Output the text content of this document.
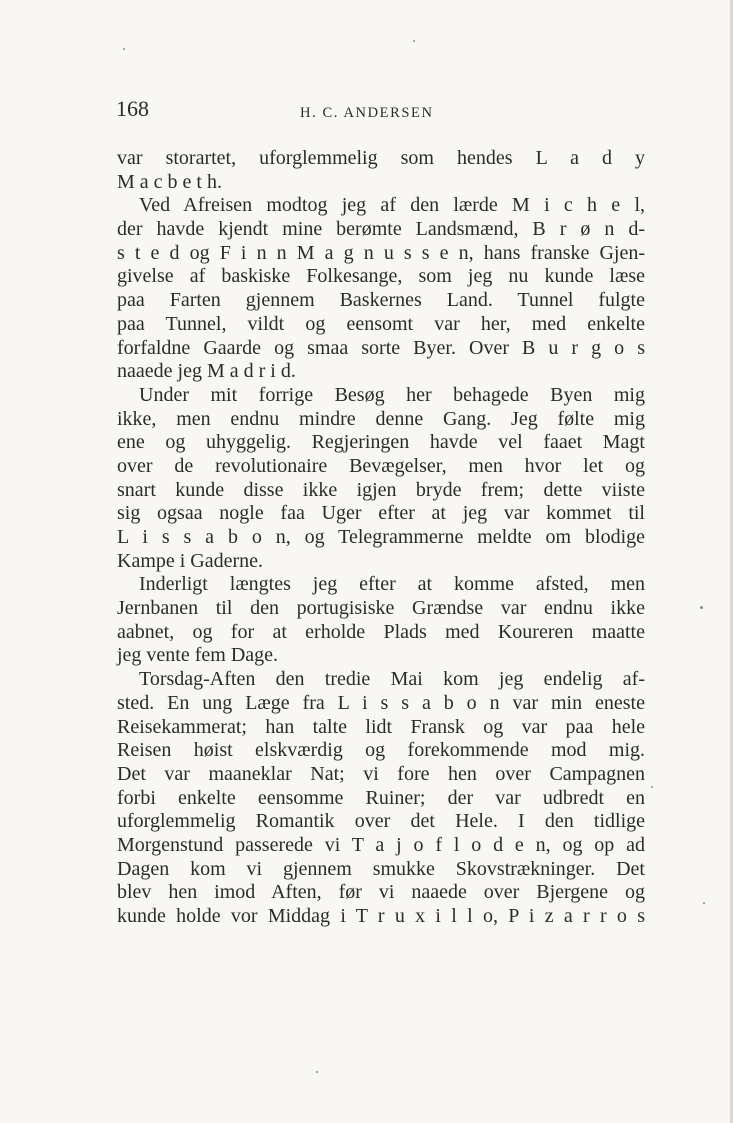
168	H. C. ANDERSEN
var storartet, uforglemmelig som hendes L a d y
M a c b e t h.
Ved Afreisen modtog jeg af den lærde M i c h e l,
der havde kjendt mine berømte Landsmænd, B r ø n d-
s t e d og F i n n M a g n u s s e n, hans franske Gjen-
givelse af baskiske Folkesange, som jeg nu kunde læse
paa Farten gjennem Baskernes Land. Tunnel fulgte
paa Tunnel, vildt og eensomt var her, med enkelte
forfaldne Gaarde og smaa sorte Byer. Over B u r g o s
naaede jeg M a d r i d.
Under mit forrige Besøg her behagede Byen mig
ikke, men endnu mindre denne Gang. Jeg følte mig
ene og uhyggelig. Regjeringen havde vel faaet Magt
over de revolutionaire Bevægelser, men hvor let og
snart kunde disse ikke igjen bryde frem; dette viiste
sig ogsaa nogle faa Uger efter at jeg var kommet til
L i s s a b o n, og Telegrammerne meldte om blodige
Kampe i Gaderne.
Inderligt længtes jeg efter at komme afsted, men
Jernbanen til den portugisiske Grændse var endnu ikke
aabnet, og for at erholde Plads med Koureren maatte
jeg vente fem Dage.
Torsdag-Aften den tredie Mai kom jeg endelig af-
sted. En ung Læge fra L i s s a b o n var min eneste
Reisekammerat; han talte lidt Fransk og var paa hele
Reisen høist elskværdig og forekommende mod mig.
Det var maaneklar Nat; vi fore hen over Campagnen
forbi enkelte eensomme Ruiner; der var udbredt en
uforglemmelig Romantik over det Hele. I den tidlige
Morgenstund passerede vi T a j o f l o d e n, og op ad
Dagen kom vi gjennem smukke Skovstrækninger. Det
blev hen imod Aften, før vi naaede over Bjergene og
kunde holde vor Middag i T r u x i l l o, P i z a r r o s
